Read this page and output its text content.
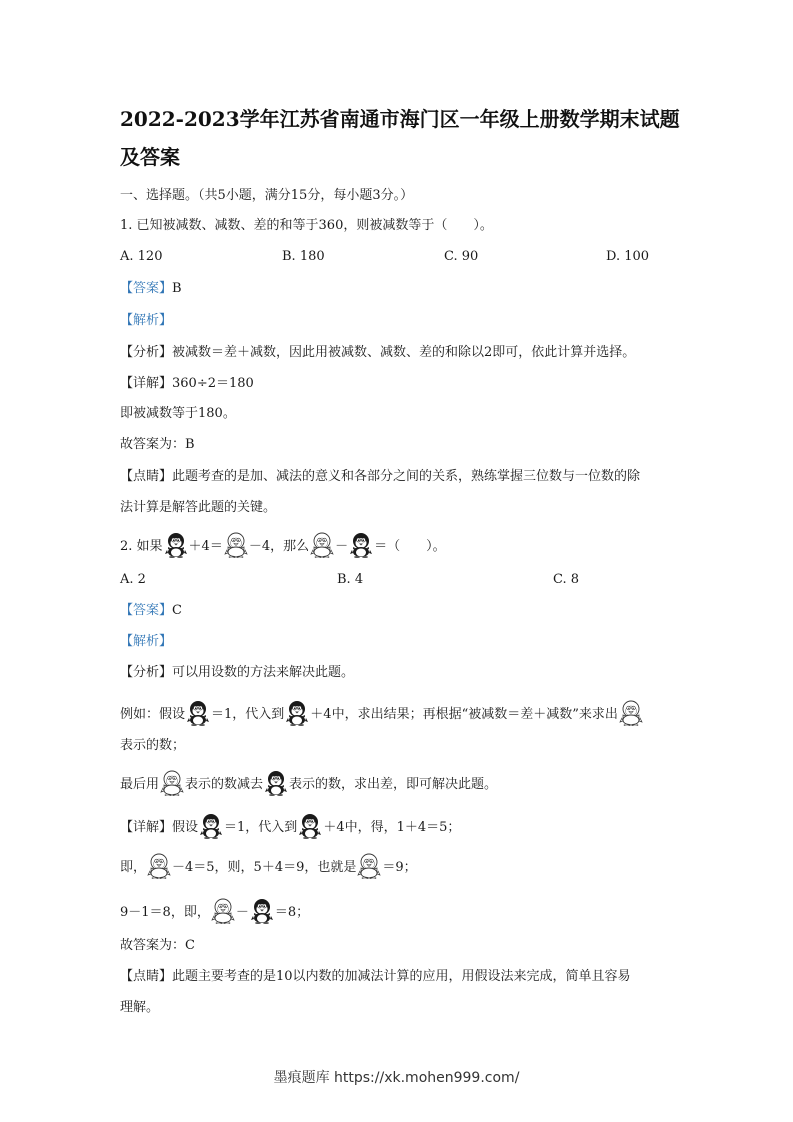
2022-2023学年江苏省南通市海门区一年级上册数学期末试题及答案
一、选择题。（共5小题，满分15分，每小题3分。）
1. 已知被减数、减数、差的和等于360，则被减数等于（　　）。
A. 120	B. 180	C. 90	D. 100
【答案】B
【解析】
【分析】被减数＝差＋减数，因此用被减数、减数、差的和除以2即可，依此计算并选择。
【详解】360÷2＝180
即被减数等于180。
故答案为：B
【点睛】此题考查的是加、减法的意义和各部分之间的关系，熟练掌握三位数与一位数的除
法计算是解答此题的关键。
2. 如果 ＋4＝ －4，那么 － ＝（　　）。
A. 2	B. 4	C. 8
【答案】C
【解析】
【分析】可以用设数的方法来解决此题。
例如：假设 ＝1，代入到 ＋4中，求出结果；再根据“被减数＝差＋减数”来求出
表示的数；
最后用 表示的数减去 表示的数，求出差，即可解决此题。
【详解】假设 ＝1，代入到 ＋4中，得，1＋4＝5；
即， －4＝5，则，5＋4＝9，也就是 ＝9；
9－1＝8，即， － ＝8；
故答案为：C
【点睛】此题主要考查的是10以内数的加减法计算的应用，用假设法来完成，简单且容易
理解。
墨痕题库 https://xk.mohen999.com/
